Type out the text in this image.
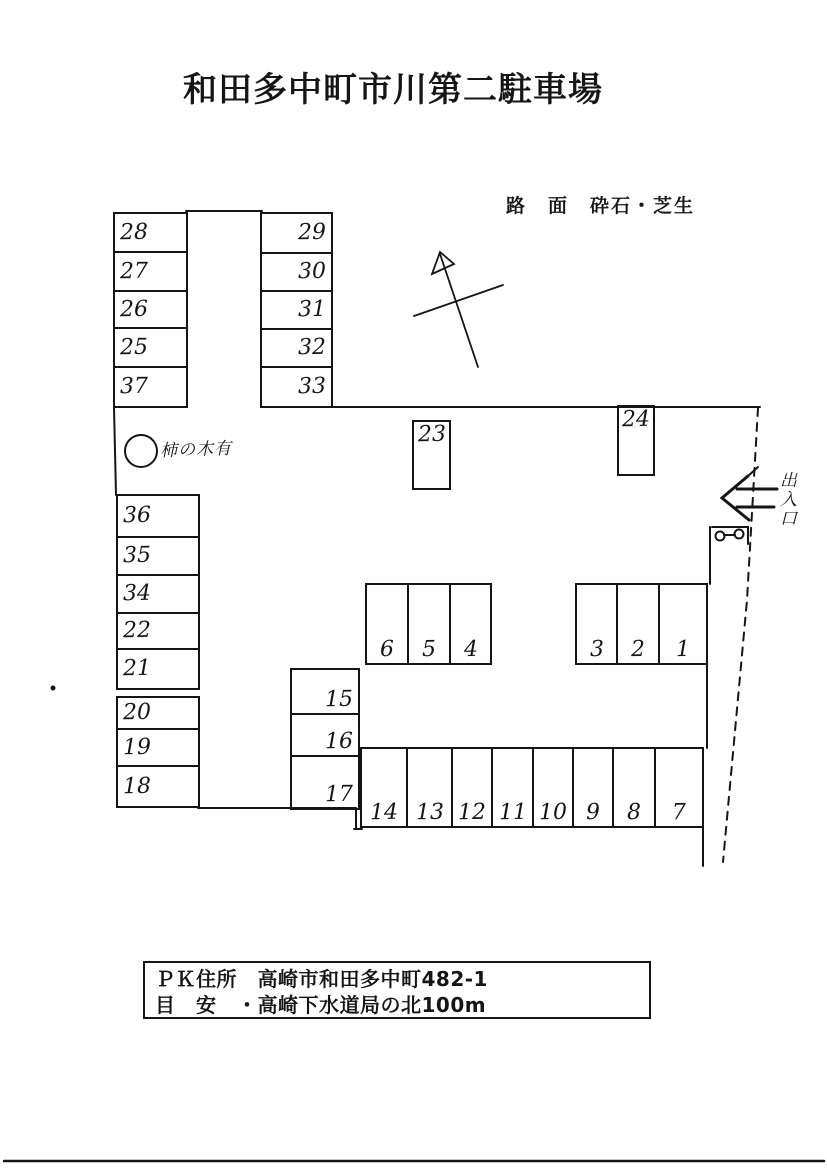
和田多中町市川第二駐車場
路　面　砕石・芝生
28
27
26
25
37
29
30
31
32
33
23
24
柿の木有
36
35
34
22
21
20
19
18
15
16
17
6 5 4	3 2 1
14 13 12 11 10 9 8 7
出入口
ＰＫ住所　高崎市和田多中町482-1
目　安　・高崎下水道局の北100m
